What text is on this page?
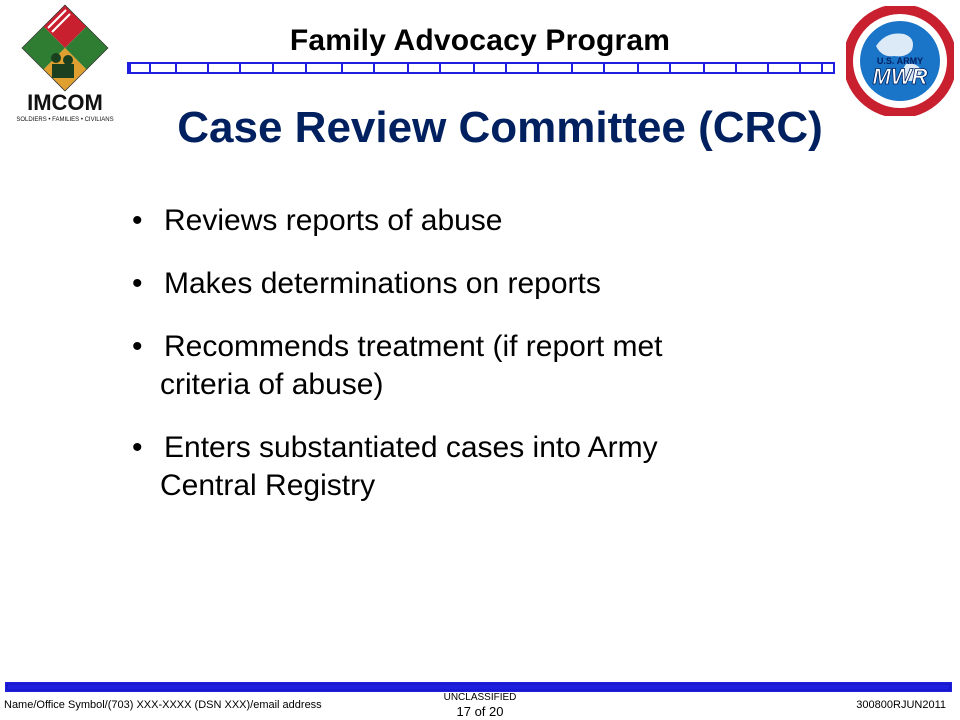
IMCOM
SOLDIERS • FAMILIES • CIVILIANS
Family Advocacy Program
U.S. ARMY
MWR
Case Review Committee (CRC)
• Reviews reports of abuse
• Makes determinations on reports
• Recommends treatment (if report met
criteria of abuse)
• Enters substantiated cases into Army
Central Registry
Name/Office Symbol/(703) XXX-XXXX (DSN XXX)/email address
UNCLASSIFIED
17 of 20	300800RJUN2011
